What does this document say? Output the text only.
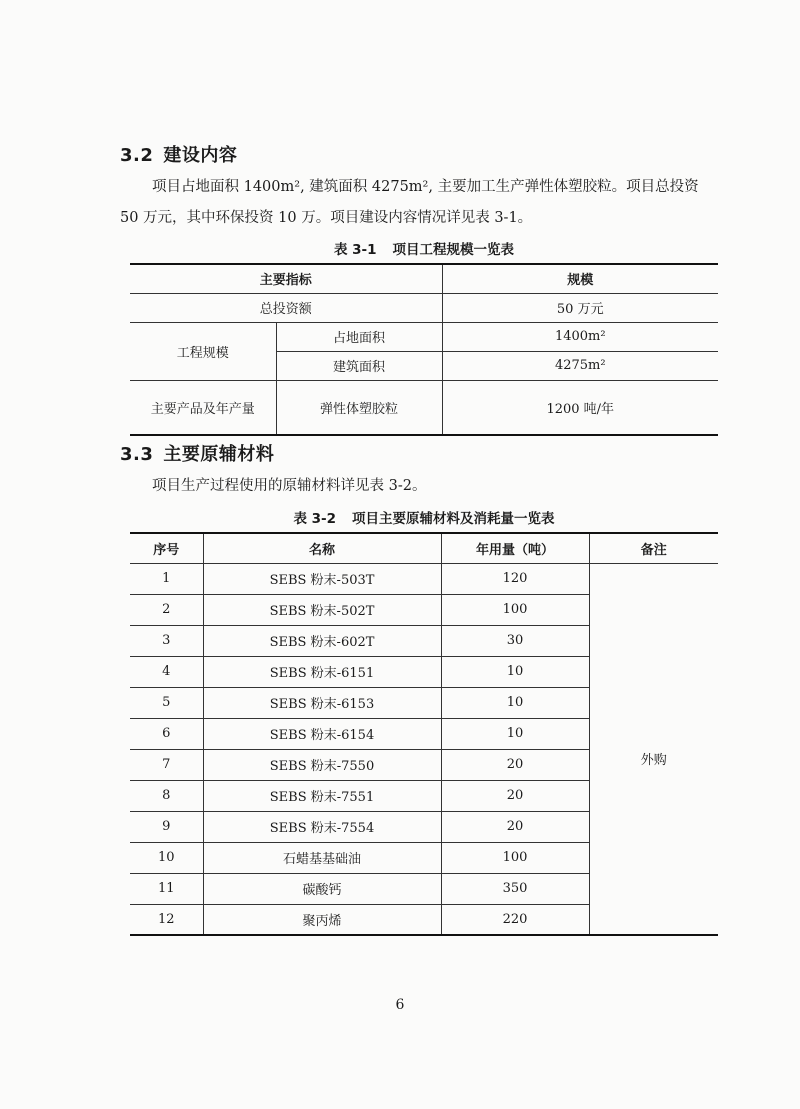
3.2 建设内容
项目占地面积 1400m², 建筑面积 4275m², 主要加工生产弹性体塑胶粒。项目总投资
50 万元，其中环保投资 10 万。项目建设内容情况详见表 3-1。
表 3-1 项目工程规模一览表
主要指标		规模
总投资额		50 万元
工程规模	占地面积	1400m²
	建筑面积	4275m²
主要产品及年产量	弹性体塑胶粒	1200 吨/年
3.3 主要原辅材料
项目生产过程使用的原辅材料详见表 3-2。
表 3-2 项目主要原辅材料及消耗量一览表
序号	名称	年用量（吨）	备注
1	SEBS 粉末-503T	120	外购
2	SEBS 粉末-502T	100	
3	SEBS 粉末-602T	30	
4	SEBS 粉末-6151	10	
5	SEBS 粉末-6153	10	
6	SEBS 粉末-6154	10	
7	SEBS 粉末-7550	20	
8	SEBS 粉末-7551	20	
9	SEBS 粉末-7554	20	
10	石蜡基基础油	100	
11	碳酸钙	350	
12	聚丙烯	220	
6
